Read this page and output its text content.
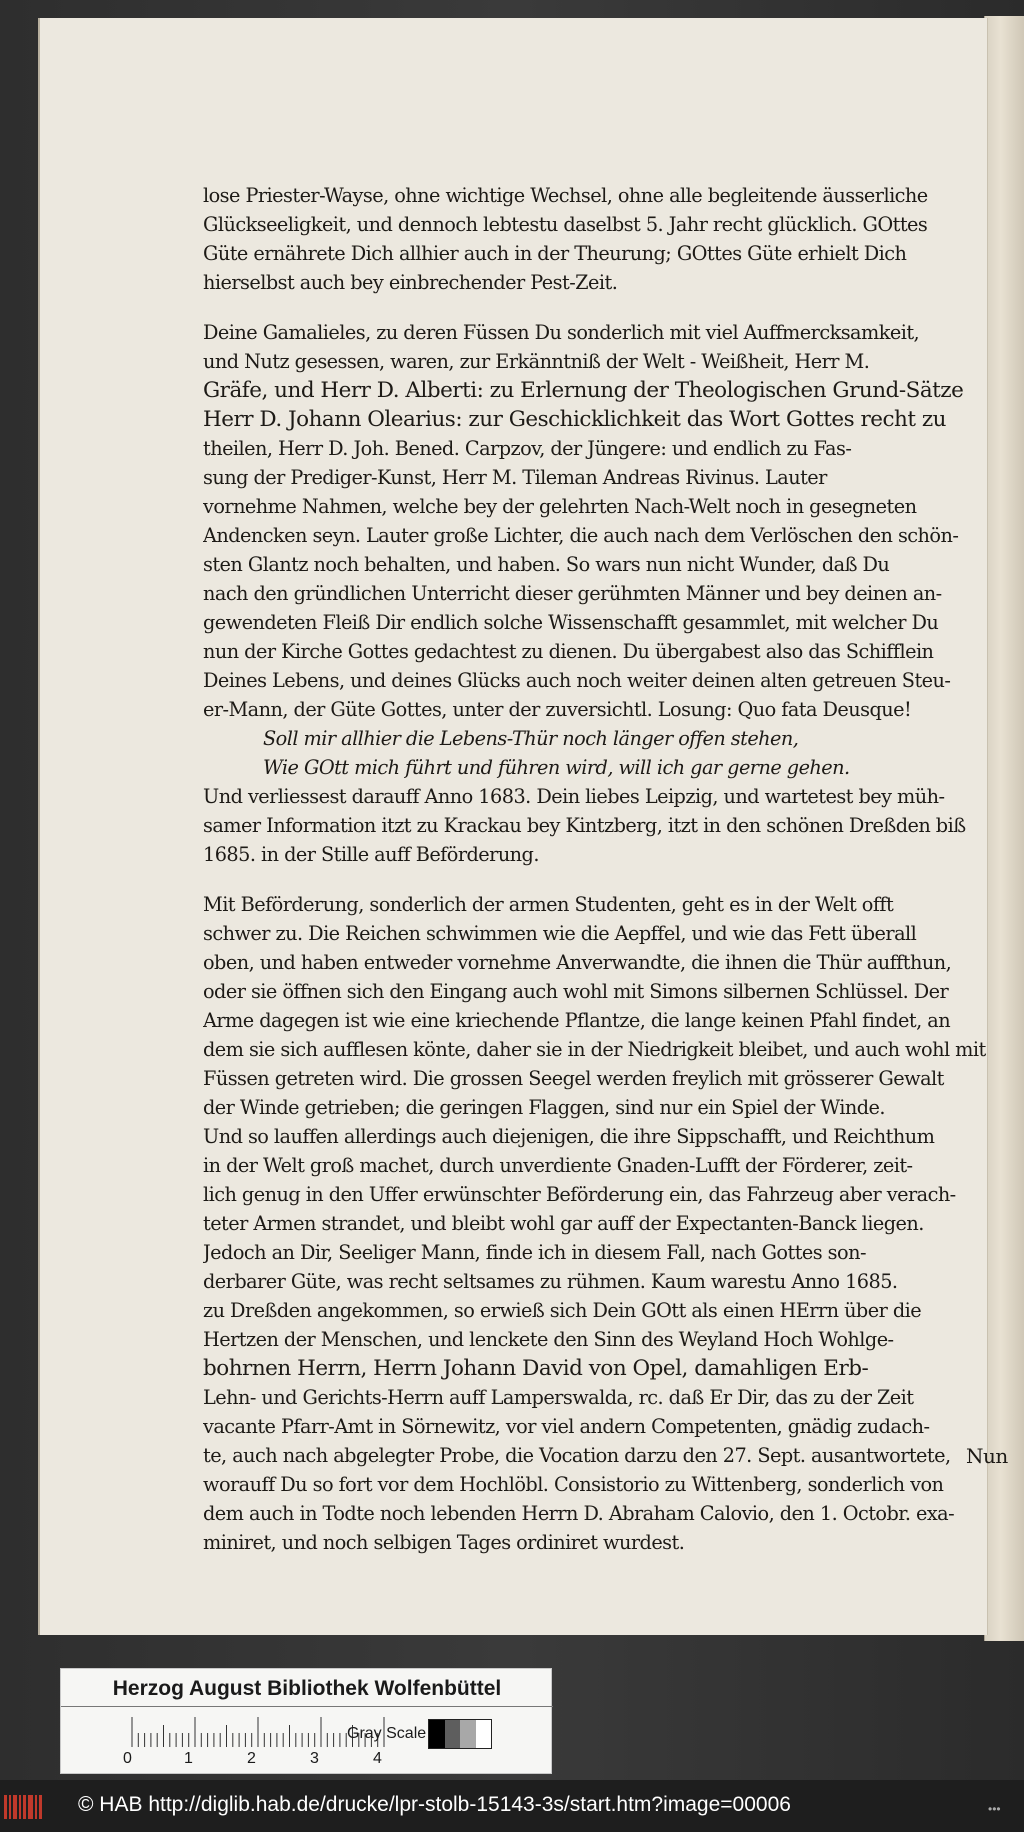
lose Priester-Wayse, ohne wichtige Wechsel, ohne alle begleitende äusserliche
Glückseeligkeit, und dennoch lebtestu daselbst 5. Jahr recht glücklich. GOttes
Güte ernährete Dich allhier auch in der Theurung; GOttes Güte erhielt Dich
hierselbst auch bey einbrechender Pest-Zeit.
Deine Gamalieles, zu deren Füssen Du sonderlich mit viel Auffmercksamkeit,
und Nutz gesessen, waren, zur Erkänntniß der Welt - Weißheit, Herr M.
Gräfe, und Herr D. Alberti: zu Erlernung der Theologischen Grund-Sätze
Herr D. Johann Olearius: zur Geschicklichkeit das Wort Gottes recht zu
theilen, Herr D. Joh. Bened. Carpzov, der Jüngere: und endlich zu Fas-
sung der Prediger-Kunst, Herr M. Tileman Andreas Rivinus. Lauter
vornehme Nahmen, welche bey der gelehrten Nach-Welt noch in gesegneten
Andencken seyn. Lauter große Lichter, die auch nach dem Verlöschen den schön-
sten Glantz noch behalten, und haben. So wars nun nicht Wunder, daß Du
nach den gründlichen Unterricht dieser gerühmten Männer und bey deinen an-
gewendeten Fleiß Dir endlich solche Wissenschafft gesammlet, mit welcher Du
nun der Kirche Gottes gedachtest zu dienen. Du übergabest also das Schifflein
Deines Lebens, und deines Glücks auch noch weiter deinen alten getreuen Steu-
er-Mann, der Güte Gottes, unter der zuversichtl. Losung: Quo fata Deusque!
Soll mir allhier die Lebens-Thür noch länger offen stehen,
Wie GOtt mich führt und führen wird, will ich gar gerne gehen.
Und verliessest darauff Anno 1683. Dein liebes Leipzig, und wartetest bey müh-
samer Information itzt zu Krackau bey Kintzberg, itzt in den schönen Dreßden biß
1685. in der Stille auff Beförderung.
Mit Beförderung, sonderlich der armen Studenten, geht es in der Welt offt
schwer zu. Die Reichen schwimmen wie die Aepffel, und wie das Fett überall
oben, und haben entweder vornehme Anverwandte, die ihnen die Thür auffthun,
oder sie öffnen sich den Eingang auch wohl mit Simons silbernen Schlüssel. Der
Arme dagegen ist wie eine kriechende Pflantze, die lange keinen Pfahl findet, an
dem sie sich aufflesen könte, daher sie in der Niedrigkeit bleibet, und auch wohl mit
Füssen getreten wird. Die grossen Seegel werden freylich mit grösserer Gewalt
der Winde getrieben; die geringen Flaggen, sind nur ein Spiel der Winde.
Und so lauffen allerdings auch diejenigen, die ihre Sippschafft, und Reichthum
in der Welt groß machet, durch unverdiente Gnaden-Lufft der Förderer, zeit-
lich genug in den Uffer erwünschter Beförderung ein, das Fahrzeug aber verach-
teter Armen strandet, und bleibt wohl gar auff der Expectanten-Banck liegen.
Jedoch an Dir, Seeliger Mann, finde ich in diesem Fall, nach Gottes son-
derbarer Güte, was recht seltsames zu rühmen. Kaum warestu Anno 1685.
zu Dreßden angekommen, so erwieß sich Dein GOtt als einen HErrn über die
Hertzen der Menschen, und lenckete den Sinn des Weyland Hoch Wohlge-
bohrnen Herrn, Herrn Johann David von Opel, damahligen Erb-
Lehn- und Gerichts-Herrn auff Lamperswalda, rc. daß Er Dir, das zu der Zeit
vacante Pfarr-Amt in Sörnewitz, vor viel andern Competenten, gnädig zudach-
te, auch nach abgelegter Probe, die Vocation darzu den 27. Sept. ausantwortete,
worauff Du so fort vor dem Hochlöbl. Consistorio zu Wittenberg, sonderlich von
dem auch in Todte noch lebenden Herrn D. Abraham Calovio, den 1. Octobr. exa-
miniret, und noch selbigen Tages ordiniret wurdest.
Nun
Herzog August Bibliothek Wolfenbüttel
0	1	2	3	4
Gray Scale
© HAB http://diglib.hab.de/drucke/lpr-stolb-15143-3s/start.htm?image=00006	•••
